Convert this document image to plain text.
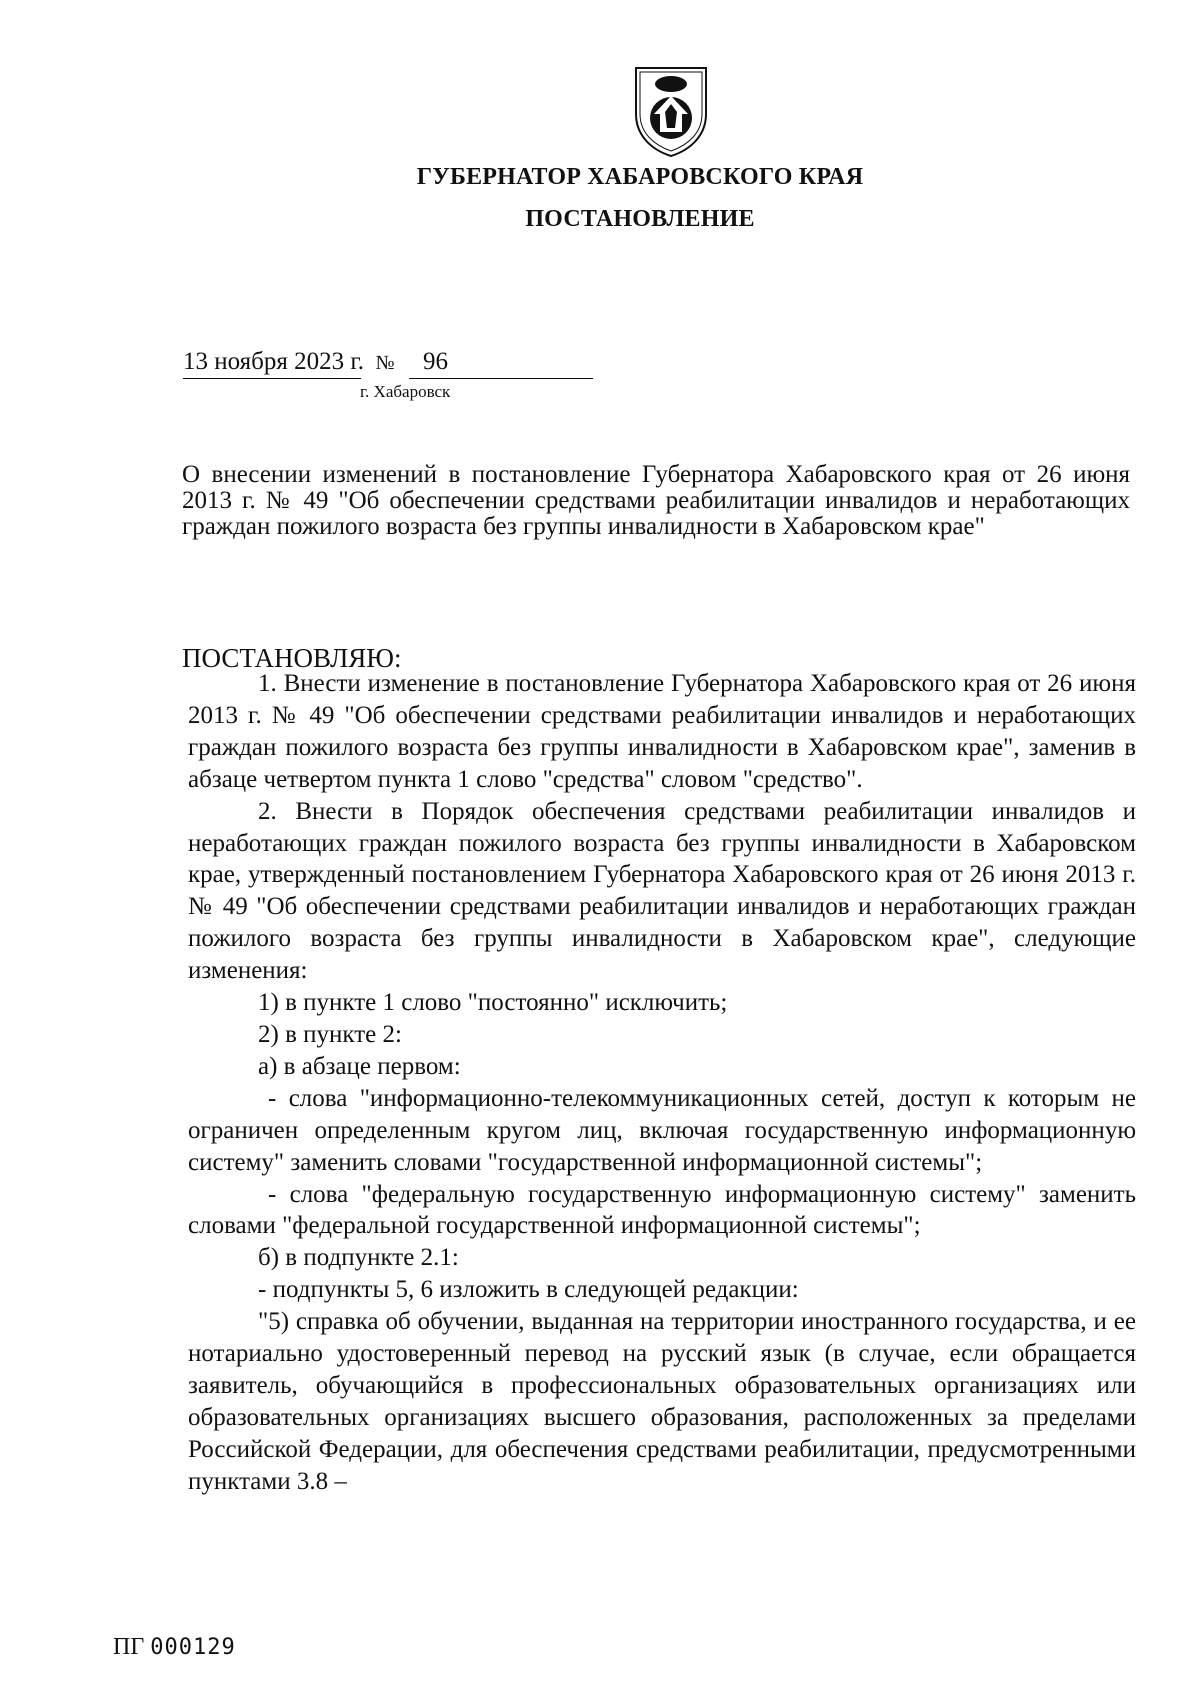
ГУБЕРНАТОР ХАБАРОВСКОГО КРАЯ
ПОСТАНОВЛЕНИЕ
13 ноября 2023 г. № 96
г. Хабаровск
О внесении изменений в постановление Губернатора Хабаровского края от 26 июня 2013 г. № 49 "Об обеспечении средствами реабилитации инвалидов и неработающих граждан пожилого возраста без группы инвалидности в Хабаровском крае"
ПОСТАНОВЛЯЮ:

1. Внести изменение в постановление Губернатора Хабаровского края от 26 июня 2013 г. № 49 "Об обеспечении средствами реабилитации инвалидов и неработающих граждан пожилого возраста без группы инвалидности в Хабаровском крае", заменив в абзаце четвертом пункта 1 слово "средства" словом "средство".

2. Внести в Порядок обеспечения средствами реабилитации инвалидов и неработающих граждан пожилого возраста без группы инвалидности в Хабаровском крае, утвержденный постановлением Губернатора Хабаровского края от 26 июня 2013 г. № 49 "Об обеспечении средствами реабилитации инвалидов и неработающих граждан пожилого возраста без группы инвалидности в Хабаровском крае", следующие изменения:

1) в пункте 1 слово "постоянно" исключить;

2) в пункте 2:

а) в абзаце первом:

- слова "информационно-телекоммуникационных сетей, доступ к которым не ограничен определенным кругом лиц, включая государственную информационную систему" заменить словами "государственной информационной системы";

- слова "федеральную государственную информационную систему" заменить словами "федеральной государственной информационной системы";

б) в подпункте 2.1:

- подпункты 5, 6 изложить в следующей редакции:

"5) справка об обучении, выданная на территории иностранного государства, и ее нотариально удостоверенный перевод на русский язык (в случае, если обращается заявитель, обучающийся в профессиональных образовательных организациях или образовательных организациях высшего образования, расположенных за пределами Российской Федерации, для обеспечения средствами реабилитации, предусмотренными пунктами 3.8 –

ПГ 000129
